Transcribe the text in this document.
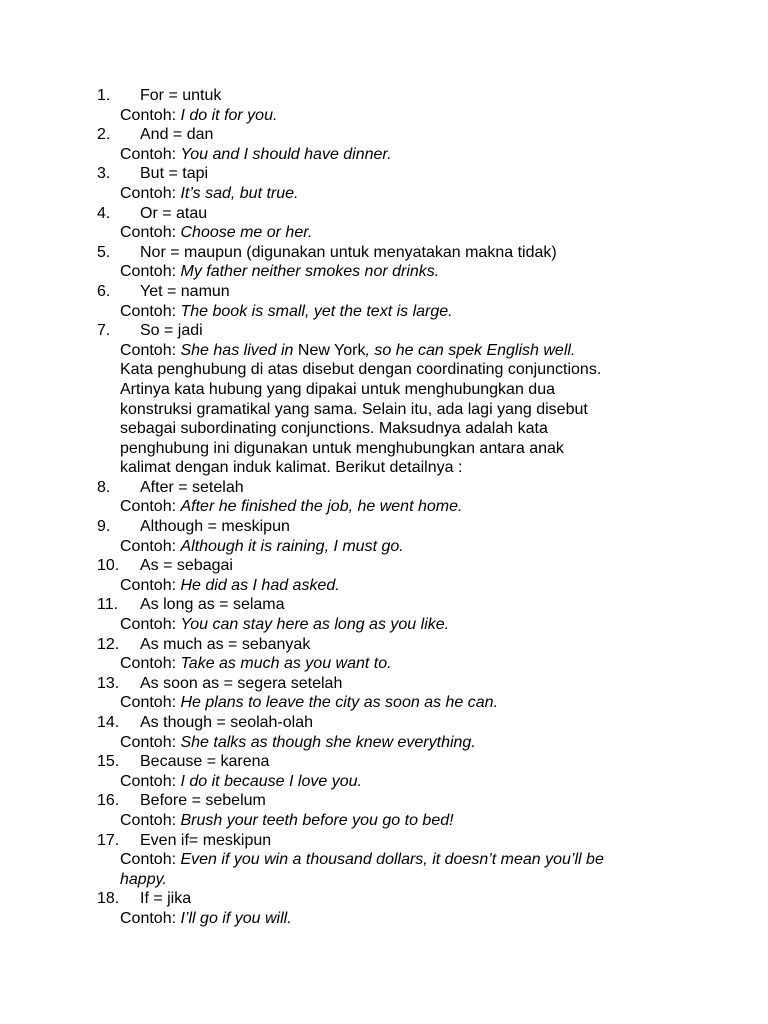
1.	For = untuk
Contoh: I do it for you.
2.	And = dan
Contoh: You and I should have dinner.
3.	But = tapi
Contoh: It’s sad, but true.
4.	Or = atau
Contoh: Choose me or her.
5.	Nor = maupun (digunakan untuk menyatakan makna tidak)
Contoh: My father neither smokes nor drinks.
6.	Yet = namun
Contoh: The book is small, yet the text is large.
7.	So = jadi
Contoh: She has lived in New York, so he can spek English well.
Kata penghubung di atas disebut dengan coordinating conjunctions.
Artinya kata hubung yang dipakai untuk menghubungkan dua
konstruksi gramatikal yang sama. Selain itu, ada lagi yang disebut
sebagai subordinating conjunctions. Maksudnya adalah kata
penghubung ini digunakan untuk menghubungkan antara anak
kalimat dengan induk kalimat. Berikut detailnya :
8.	After = setelah
Contoh: After he finished the job, he went home.
9.	Although = meskipun
Contoh: Although it is raining, I must go.
10.	As = sebagai
Contoh: He did as I had asked.
11.	As long as = selama
Contoh: You can stay here as long as you like.
12.	As much as = sebanyak
Contoh: Take as much as you want to.
13.	As soon as = segera setelah
Contoh: He plans to leave the city as soon as he can.
14.	As though = seolah-olah
Contoh: She talks as though she knew everything.
15.	Because = karena
Contoh: I do it because I love you.
16.	Before = sebelum
Contoh: Brush your teeth before you go to bed!
17.	Even if= meskipun
Contoh: Even if you win a thousand dollars, it doesn’t mean you’ll be
happy.
18.	If = jika
Contoh: I’ll go if you will.
